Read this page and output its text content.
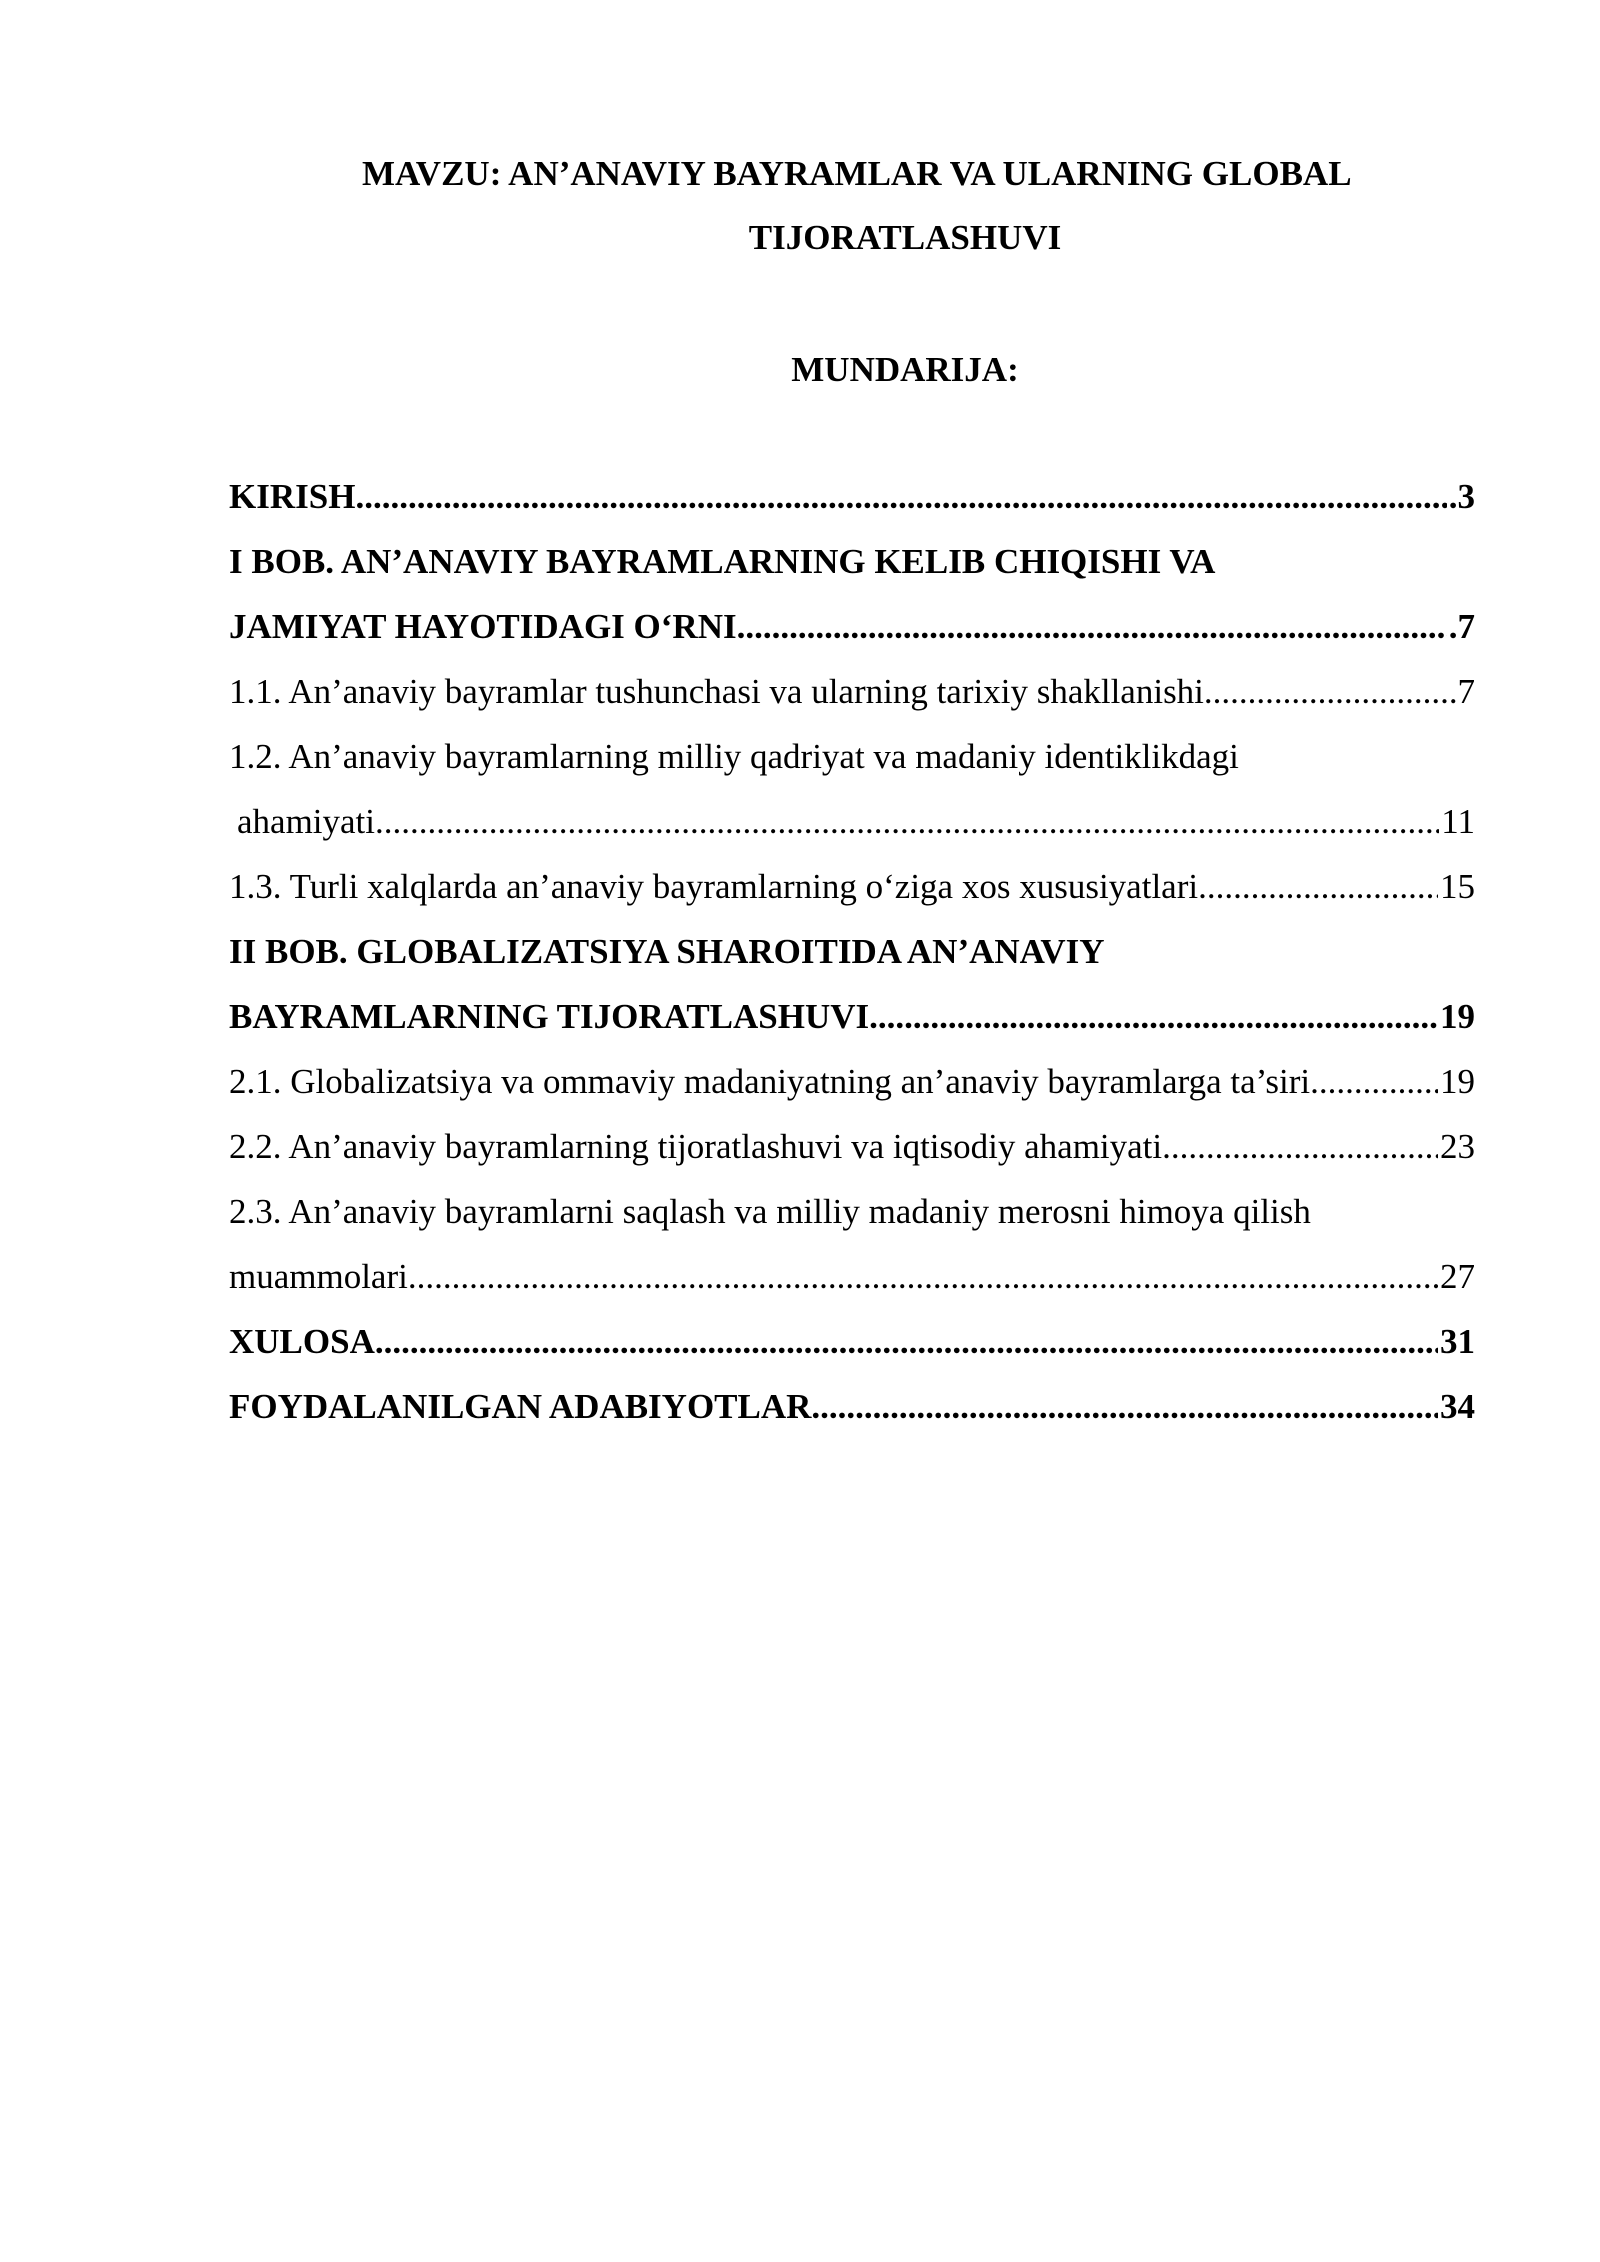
MAVZU: AN’ANAVIY BAYRAMLAR VA ULARNING GLOBAL
TIJORATLASHUVI
MUNDARIJA:
KIRISH .....	.3
I BOB. AN’ANAVIY BAYRAMLARNING KELIB CHIQISHI VA
JAMIYAT HAYOTIDAGI O‘RNI .....	.7
1.1. An’anaviy bayramlar tushunchasi va ularning tarixiy shakllanishi .....	7
1.2. An’anaviy bayramlarning milliy qadriyat va madaniy identiklikdagi
ahamiyati .....	11
1.3. Turli xalqlarda an’anaviy bayramlarning o‘ziga xos xususiyatlari .....	15
II BOB. GLOBALIZATSIYA SHAROITIDA AN’ANAVIY
BAYRAMLARNING TIJORATLASHUVI .....	19
2.1. Globalizatsiya va ommaviy madaniyatning an’anaviy bayramlarga ta’siri .....	19
2.2. An’anaviy bayramlarning tijoratlashuvi va iqtisodiy ahamiyati .....	23
2.3. An’anaviy bayramlarni saqlash va milliy madaniy merosni himoya qilish
muammolari .....	27
XULOSA .....	31
FOYDALANILGAN ADABIYOTLAR .....	34
